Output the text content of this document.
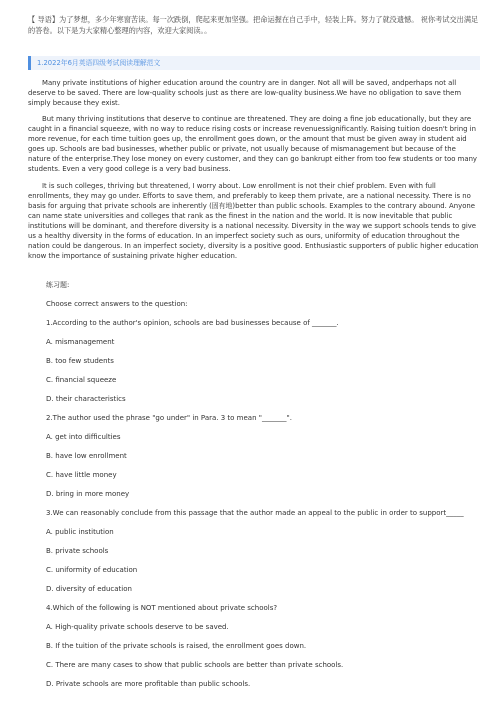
【 导语】为了梦想，多少年寒窗苦读。每一次跌倒，爬起来更加坚强。把命运握在自己手中，轻装上阵。努力了就没遗憾。 祝你考试交出满足的答卷。以下是为大家精心整理的内容，欢迎大家阅读。。
1.2022年6月英语四级考试阅读理解范文
Many private institutions of higher education around the country are in danger. Not all will be saved, andperhaps not all deserve to be saved. There are low-quality schools just as there are low-quality business.We have no obligation to save them simply because they exist.
But many thriving institutions that deserve to continue are threatened. They are doing a fine job educationally, but they are caught in a financial squeeze, with no way to reduce rising costs or increase revenuessignificantly. Raising tuition doesn't bring in more revenue, for each time tuition goes up, the enrollment goes down, or the amount that must be given away in student aid goes up. Schools are bad businesses, whether public or private, not usually because of mismanagement but because of the nature of the enterprise.They lose money on every customer, and they can go bankrupt either from too few students or too many students. Even a very good college is a very bad business.
It is such colleges, thriving but threatened, I worry about. Low enrollment is not their chief problem. Even with full enrollments, they may go under. Efforts to save them, and preferably to keep them private, are a national necessity. There is no basis for arguing that private schools are inherently (固有地)better than public schools. Examples to the contrary abound. Anyone can name state universities and colleges that rank as the finest in the nation and the world. It is now inevitable that public institutions will be dominant, and therefore diversity is a national necessity. Diversity in the way we support schools tends to give us a healthy diversity in the forms of education. In an imperfect society such as ours, uniformity of education throughout the nation could be dangerous. In an imperfect society, diversity is a positive good. Enthusiastic supporters of public higher education know the importance of sustaining private higher education.
练习题:
Choose correct answers to the question:
1.According to the author's opinion, schools are bad businesses because of _______.
A. mismanagement
B. too few students
C. financial squeeze
D. their characteristics
2.The author used the phrase "go under" in Para. 3 to mean "_______".
A. get into difficulties
B. have low enrollment
C. have little money
D. bring in more money
3.We can reasonably conclude from this passage that the author made an appeal to the public in order to support_____
A. public institution
B. private schools
C. uniformity of education
D. diversity of education
4.Which of the following is NOT mentioned about private schools?
A. High-quality private schools deserve to be saved.
B. If the tuition of the private schools is raised, the enrollment goes down.
C. There are many cases to show that public schools are better than private schools.
D. Private schools are more profitable than public schools.
